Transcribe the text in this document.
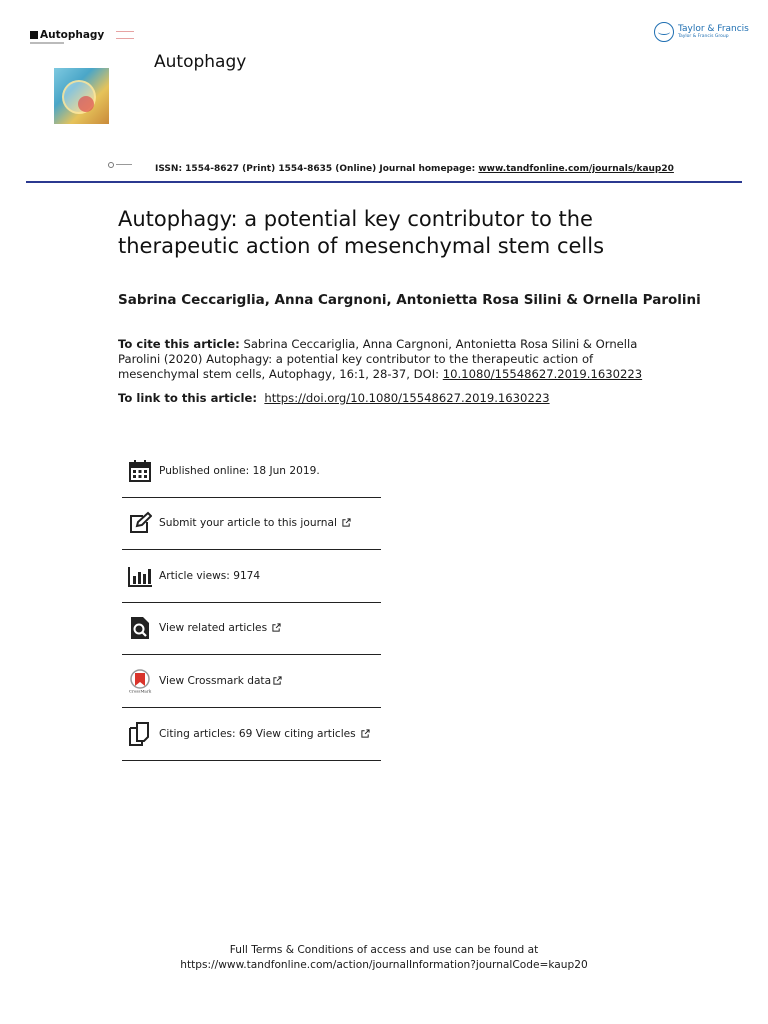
Autophagy
Autophagy
Taylor & Francis
Taylor & Francis Group
ISSN: 1554-8627 (Print) 1554-8635 (Online) Journal homepage: www.tandfonline.com/journals/kaup20
Autophagy: a potential key contributor to the therapeutic action of mesenchymal stem cells
Sabrina Ceccariglia, Anna Cargnoni, Antonietta Rosa Silini & Ornella Parolini
To cite this article: Sabrina Ceccariglia, Anna Cargnoni, Antonietta Rosa Silini & Ornella Parolini (2020) Autophagy: a potential key contributor to the therapeutic action of mesenchymal stem cells, Autophagy, 16:1, 28-37, DOI: 10.1080/15548627.2019.1630223
To link to this article: https://doi.org/10.1080/15548627.2019.1630223
Published online: 18 Jun 2019.
Submit your article to this journal
Article views: 9174
View related articles
CrossMark
View Crossmark data
Citing articles: 69 View citing articles
Full Terms & Conditions of access and use can be found at
https://www.tandfonline.com/action/journalInformation?journalCode=kaup20
